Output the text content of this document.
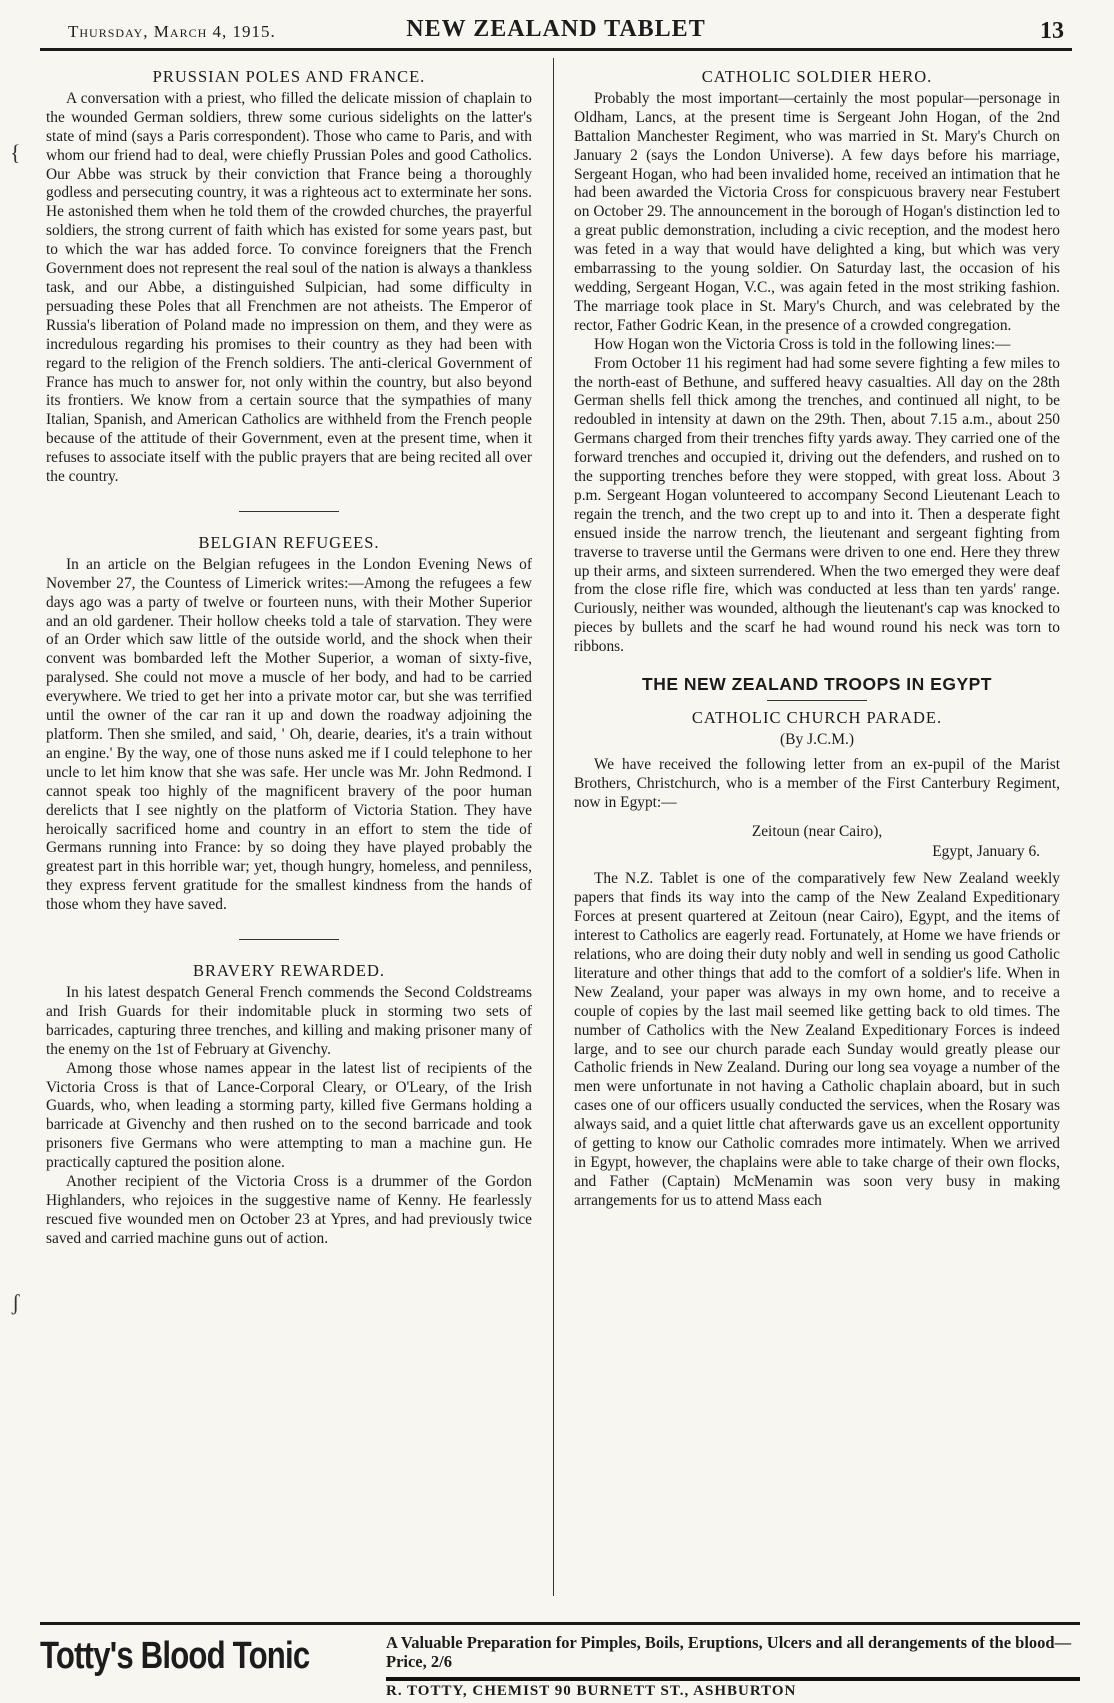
Thursday, March 4, 1915.	NEW ZEALAND TABLET	13
PRUSSIAN POLES AND FRANCE.

A conversation with a priest, who filled the delicate mission of chaplain to the wounded German soldiers, threw some curious sidelights on the latter's state of mind (says a Paris correspondent). Those who came to Paris, and with whom our friend had to deal, were chiefly Prussian Poles and good Catholics. Our Abbe was struck by their conviction that France being a thoroughly godless and persecuting country, it was a righteous act to exterminate her sons. He astonished them when he told them of the crowded churches, the prayerful soldiers, the strong current of faith which has existed for some years past, but to which the war has added force. To convince foreigners that the French Government does not represent the real soul of the nation is always a thankless task, and our Abbe, a distinguished Sulpician, had some difficulty in persuading these Poles that all Frenchmen are not atheists. The Emperor of Russia's liberation of Poland made no impression on them, and they were as incredulous regarding his promises to their country as they had been with regard to the religion of the French soldiers. The anti-clerical Government of France has much to answer for, not only within the country, but also beyond its frontiers. We know from a certain source that the sympathies of many Italian, Spanish, and American Catholics are withheld from the French people because of the attitude of their Government, even at the present time, when it refuses to associate itself with the public prayers that are being recited all over the country.

BELGIAN REFUGEES.

In an article on the Belgian refugees in the London Evening News of November 27, the Countess of Limerick writes:—Among the refugees a few days ago was a party of twelve or fourteen nuns, with their Mother Superior and an old gardener. Their hollow cheeks told a tale of starvation. They were of an Order which saw little of the outside world, and the shock when their convent was bombarded left the Mother Superior, a woman of sixty-five, paralysed. She could not move a muscle of her body, and had to be carried everywhere. We tried to get her into a private motor car, but she was terrified until the owner of the car ran it up and down the roadway adjoining the platform. Then she smiled, and said, ' Oh, dearie, dearies, it's a train without an engine.' By the way, one of those nuns asked me if I could telephone to her uncle to let him know that she was safe. Her uncle was Mr. John Redmond. I cannot speak too highly of the magnificent bravery of the poor human derelicts that I see nightly on the platform of Victoria Station. They have heroically sacrificed home and country in an effort to stem the tide of Germans running into France: by so doing they have played probably the greatest part in this horrible war; yet, though hungry, homeless, and penniless, they express fervent gratitude for the smallest kindness from the hands of those whom they have saved.

BRAVERY REWARDED.

In his latest despatch General French commends the Second Coldstreams and Irish Guards for their indomitable pluck in storming two sets of barricades, capturing three trenches, and killing and making prisoner many of the enemy on the 1st of February at Givenchy.

Among those whose names appear in the latest list of recipients of the Victoria Cross is that of Lance-Corporal Cleary, or O'Leary, of the Irish Guards, who, when leading a storming party, killed five Germans holding a barricade at Givenchy and then rushed on to the second barricade and took prisoners five Germans who were attempting to man a machine gun. He practically captured the position alone.

Another recipient of the Victoria Cross is a drummer of the Gordon Highlanders, who rejoices in the suggestive name of Kenny. He fearlessly rescued five wounded men on October 23 at Ypres, and had previously twice saved and carried machine guns out of action.

CATHOLIC SOLDIER HERO.

Probably the most important—certainly the most popular—personage in Oldham, Lancs, at the present time is Sergeant John Hogan, of the 2nd Battalion Manchester Regiment, who was married in St. Mary's Church on January 2 (says the London Universe). A few days before his marriage, Sergeant Hogan, who had been invalided home, received an intimation that he had been awarded the Victoria Cross for conspicuous bravery near Festubert on October 29. The announcement in the borough of Hogan's distinction led to a great public demonstration, including a civic reception, and the modest hero was feted in a way that would have delighted a king, but which was very embarrassing to the young soldier. On Saturday last, the occasion of his wedding, Sergeant Hogan, V.C., was again feted in the most striking fashion. The marriage took place in St. Mary's Church, and was celebrated by the rector, Father Godric Kean, in the presence of a crowded congregation.

How Hogan won the Victoria Cross is told in the following lines:—

From October 11 his regiment had had some severe fighting a few miles to the north-east of Bethune, and suffered heavy casualties. All day on the 28th German shells fell thick among the trenches, and continued all night, to be redoubled in intensity at dawn on the 29th. Then, about 7.15 a.m., about 250 Germans charged from their trenches fifty yards away. They carried one of the forward trenches and occupied it, driving out the defenders, and rushed on to the supporting trenches before they were stopped, with great loss. About 3 p.m. Sergeant Hogan volunteered to accompany Second Lieutenant Leach to regain the trench, and the two crept up to and into it. Then a desperate fight ensued inside the narrow trench, the lieutenant and sergeant fighting from traverse to traverse until the Germans were driven to one end. Here they threw up their arms, and sixteen surrendered. When the two emerged they were deaf from the close rifle fire, which was conducted at less than ten yards' range. Curiously, neither was wounded, although the lieutenant's cap was knocked to pieces by bullets and the scarf he had wound round his neck was torn to ribbons.

THE NEW ZEALAND TROOPS IN EGYPT
CATHOLIC CHURCH PARADE.
(By J.C.M.)

We have received the following letter from an ex-pupil of the Marist Brothers, Christchurch, who is a member of the First Canterbury Regiment, now in Egypt:—

Zeitoun (near Cairo),
Egypt, January 6.

The N.Z. Tablet is one of the comparatively few New Zealand weekly papers that finds its way into the camp of the New Zealand Expeditionary Forces at present quartered at Zeitoun (near Cairo), Egypt, and the items of interest to Catholics are eagerly read. Fortunately, at Home we have friends or relations, who are doing their duty nobly and well in sending us good Catholic literature and other things that add to the comfort of a soldier's life. When in New Zealand, your paper was always in my own home, and to receive a couple of copies by the last mail seemed like getting back to old times. The number of Catholics with the New Zealand Expeditionary Forces is indeed large, and to see our church parade each Sunday would greatly please our Catholic friends in New Zealand. During our long sea voyage a number of the men were unfortunate in not having a Catholic chaplain aboard, but in such cases one of our officers usually conducted the services, when the Rosary was always said, and a quiet little chat afterwards gave us an excellent opportunity of getting to know our Catholic comrades more intimately. When we arrived in Egypt, however, the chaplains were able to take charge of their own flocks, and Father (Captain) McMenamin was soon very busy in making arrangements for us to attend Mass each

{
ʃ
Totty's Blood Tonic	A Valuable Preparation for Pimples, Boils, Eruptions, Ulcers and all derangements of the blood—Price, 2/6
R. TOTTY, CHEMIST 90 BURNETT ST., ASHBURTON
